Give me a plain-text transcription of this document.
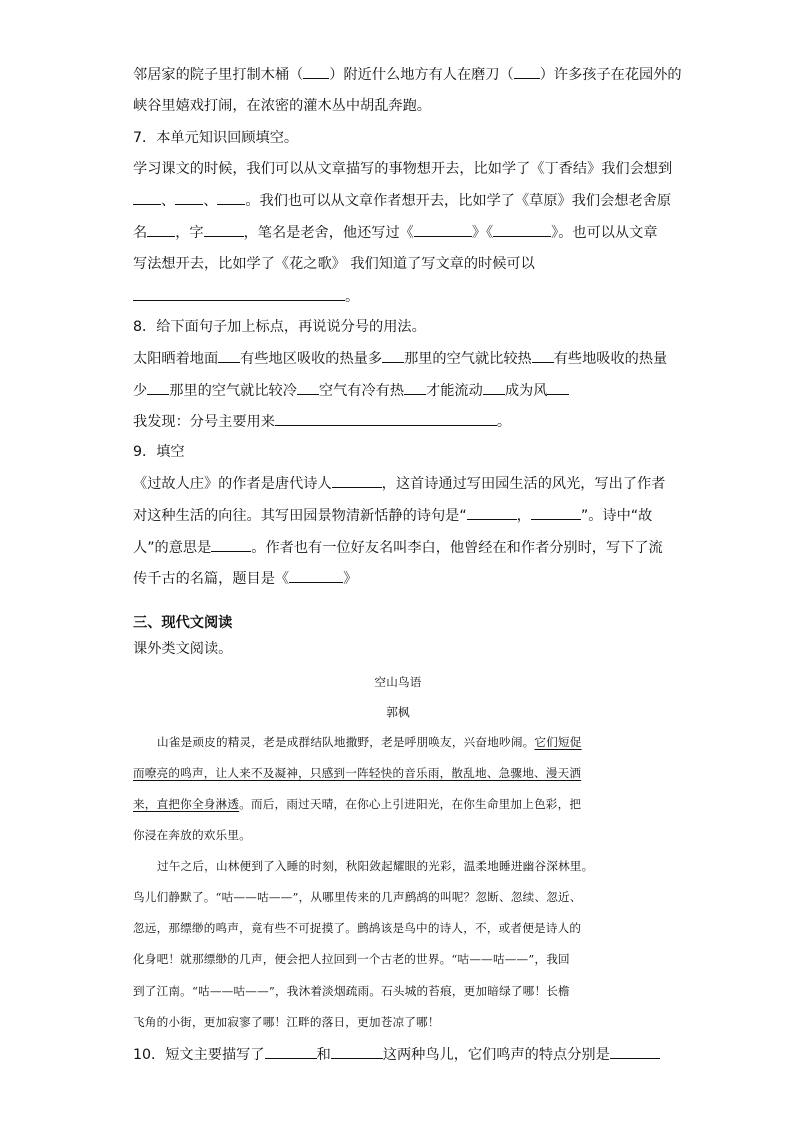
邻居家的院子里打制木桶（ ）附近什么地方有人在磨刀（ ）许多孩子在花园外的
峡谷里嬉戏打闹，在浓密的灌木丛中胡乱奔跑。
7．本单元知识回顾填空。
学习课文的时候，我们可以从文章描写的事物想开去，比如学了《丁香结》我们会想到
、 、 。我们也可以从文章作者想开去，比如学了《草原》我们会想老舍原
名 ，字	，笔名是老舍，他还写过《	》《	》。也可以从文章
写法想开去，比如学了《花之歌》 我们知道了写文章的时候可以
。
8．给下面句子加上标点，再说说分号的用法。
太阳晒着地面 有些地区吸收的热量多 那里的空气就比较热 有些地吸收的热量
少 那里的空气就比较冷 空气有冷有热 才能流动 成为风
我发现：分号主要用来	。
9．填空
《过故人庄》的作者是唐代诗人	，这首诗通过写田园生活的风光，写出了作者
对这种生活的向往。其写田园景物清新恬静的诗句是“	，	”。诗中“故
人”的意思是	。作者也有一位好友名叫李白，他曾经在和作者分别时，写下了流
传千古的名篇，题目是《	》
三、现代文阅读
课外类文阅读。
空山鸟语
郭枫
山雀是顽皮的精灵，老是成群结队地撒野，老是呼朋唤友，兴奋地吵闹。它们短促
而嘹亮的鸣声，让人来不及凝神，只感到一阵轻快的音乐雨，散乱地、急骤地、漫天洒
来，直把你全身淋透。而后，雨过天晴，在你心上引进阳光，在你生命里加上色彩，把
你浸在奔放的欢乐里。
过午之后，山林便到了入睡的时刻，秋阳敛起耀眼的光彩，温柔地睡进幽谷深林里。
鸟儿们静默了。“咕——咕——”，从哪里传来的几声鹧鸪的叫呢？忽断、忽续、忽近、
忽远，那缥缈的鸣声，竟有些不可捉摸了。鹧鸪该是鸟中的诗人，不，或者便是诗人的
化身吧！就那缥缈的几声，便会把人拉回到一个古老的世界。“咕——咕——”，我回
到了江南。“咕——咕——”，我沐着淡烟疏雨。石头城的苔痕，更加暗绿了哪！长檐
飞角的小街，更加寂寥了哪！江畔的落日，更加苍凉了哪！
10．短文主要描写了	和	这两种鸟儿，它们鸣声的特点分别是
